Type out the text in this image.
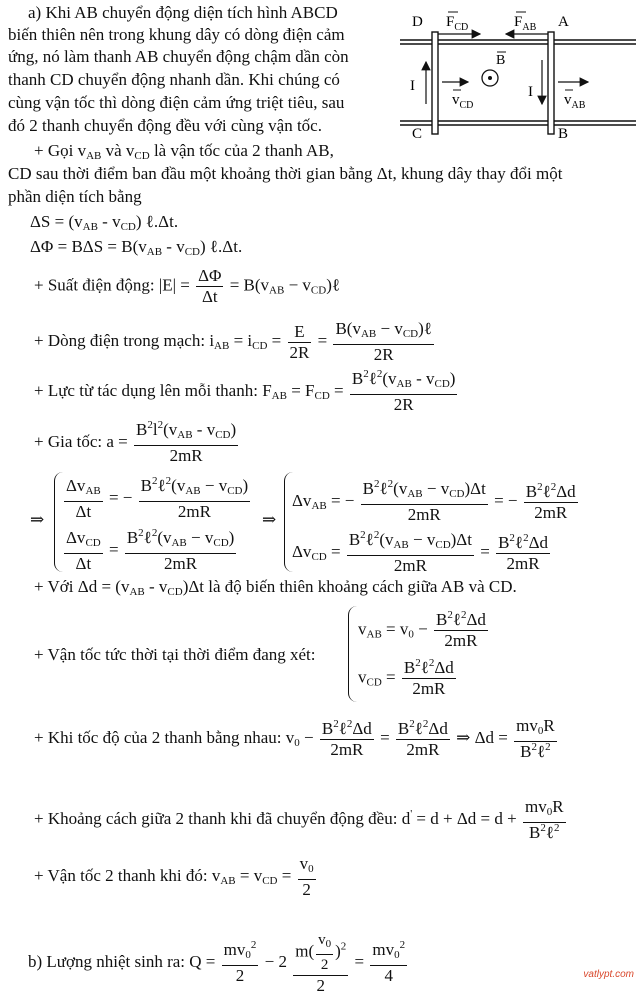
a) Khi AB chuyển động diện tích hình ABCD
biến thiên nên trong khung dây có dòng điện cảm
ứng, nó làm thanh AB chuyển động chậm dần còn
thanh CD chuyển động nhanh dần. Khi chúng có
cùng vận tốc thì dòng điện cảm ứng triệt tiêu, sau
đó 2 thanh chuyển động đều với cùng vận tốc.
D	A
C	B
$F_{CD}$	$F_{AB}$
B
I
$v_{CD}$
I $v_{AB}$
+ Gọi $v_{AB}$ và $v_{CD}$ là vận tốc của 2 thanh AB,
CD sau thời điểm ban đầu một khoảng thời gian bằng Δt, khung dây thay đổi một
phần diện tích bằng
$\Delta S = (v_{AB} - v_{CD})$ ℓ.Δt.
$\Delta\Phi = B\Delta S = B(v_{AB} - v_{CD})$ ℓ.Δt.
+ Suất điện động: $|E| = \frac{\Delta\Phi}{\Delta t} = B(v_{AB}$ − $v_{CD})\ell$
+ Dòng điện trong mạch: $i_{AB} = i_{CD} = \frac{E}{2R} = \frac{B(v_{AB} - v_{CD})\ell}{2R}$
+ Lực từ tác dụng lên mỗi thanh: $F_{AB} = F_{CD} = \frac{B^2\ell^2(v_{AB} - v_{CD})}{2R}$
+ Gia tốc: $a = \frac{B^2l^2(v_{AB} - v_{CD})}{2mR}$
⇒ $\frac{\Delta v_{AB}}{\Delta t}$ = − $\frac{B^2\ell^2(v_{AB} - v_{CD})}{2mR}$
$\frac{\Delta v_{CD}}{\Delta t} = \frac{B^2\ell^2(v_{AB} - v_{CD})}{2mR}$
⇒
$\Delta v_{AB}$ = − $\frac{B^2\ell^2(v_{AB} - v_{CD})\Delta t}{2mR}$ = − $\frac{B^2\ell^2\Delta d}{2mR}$
$\Delta v_{CD} = \frac{B^2\ell^2(v_{AB} - v_{CD})\Delta t}{2mR} = \frac{B^2\ell^2\Delta d}{2mR}$
+ Với $\Delta d = (v_{AB} - v_{CD})\Delta t$ là độ biến thiên khoảng cách giữa AB và CD.
+ Vận tốc tức thời tại thời điểm đang xét:
$v_{AB} = v_0 - \frac{B^2\ell^2\Delta d}{2mR}$
$v_{CD} = \frac{B^2\ell^2\Delta d}{2mR}$
+ Khi tốc độ của 2 thanh bằng nhau: $v_0 - \frac{B^2\ell^2\Delta d}{2mR} = \frac{B^2\ell^2\Delta d}{2mR}$ ⇒ $\Delta d = \frac{mv_0R}{B^2\ell^2}$
+ Khoảng cách giữa 2 thanh khi đã chuyển động đều: $d' = d + \Delta d = d + \frac{mv_0R}{B^2\ell^2}$
+ Vận tốc 2 thanh khi đó: $v_{AB} = v_{CD} = \frac{v_0}{2}$
b) Lượng nhiệt sinh ra: $Q = \frac{mv_0^2}{2} - 2 \frac{m( \frac{v_0}{2} )^2}{2} = \frac{mv_0^2}{4}$	vatlypt.com
